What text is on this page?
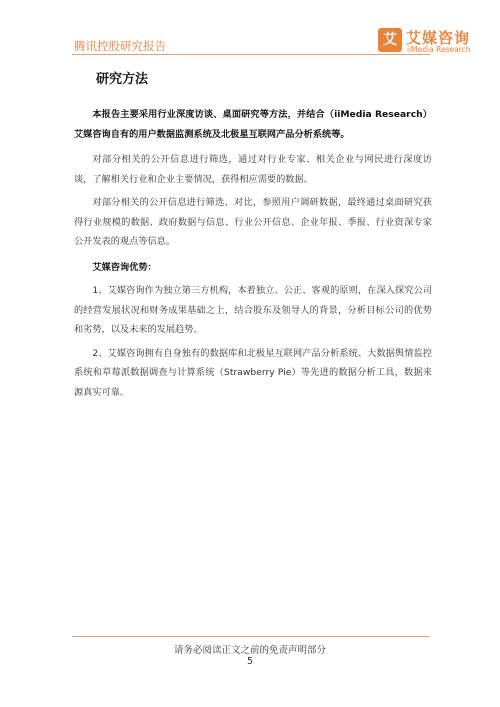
腾讯控股研究报告	艾 艾媒咨询
iiMedia Research
研究方法

本报告主要采用行业深度访谈、桌面研究等方法，并结合（iiMedia Research）艾媒咨询自有的用户数据监测系统及北极星互联网产品分析系统等。

对部分相关的公开信息进行筛选，通过对行业专家、相关企业与网民进行深度访谈，了解相关行业和企业主要情况，获得相应需要的数据。

对部分相关的公开信息进行筛选、对比，参照用户调研数据，最终通过桌面研究获得行业规模的数据、政府数据与信息、行业公开信息、企业年报、季报、行业资深专家公开发表的观点等信息。

艾媒咨询优势：

1、艾媒咨询作为独立第三方机构，本着独立、公正、客观的原则，在深入探究公司的经营发展状况和财务成果基础之上，结合股东及领导人的背景，分析目标公司的优势和劣势，以及未来的发展趋势。

2、艾媒咨询拥有自身独有的数据库和北极星互联网产品分析系统、大数据舆情监控系统和草莓派数据调查与计算系统（Strawberry Pie）等先进的数据分析工具，数据来源真实可靠。

请务必阅读正文之前的免责声明部分
5
